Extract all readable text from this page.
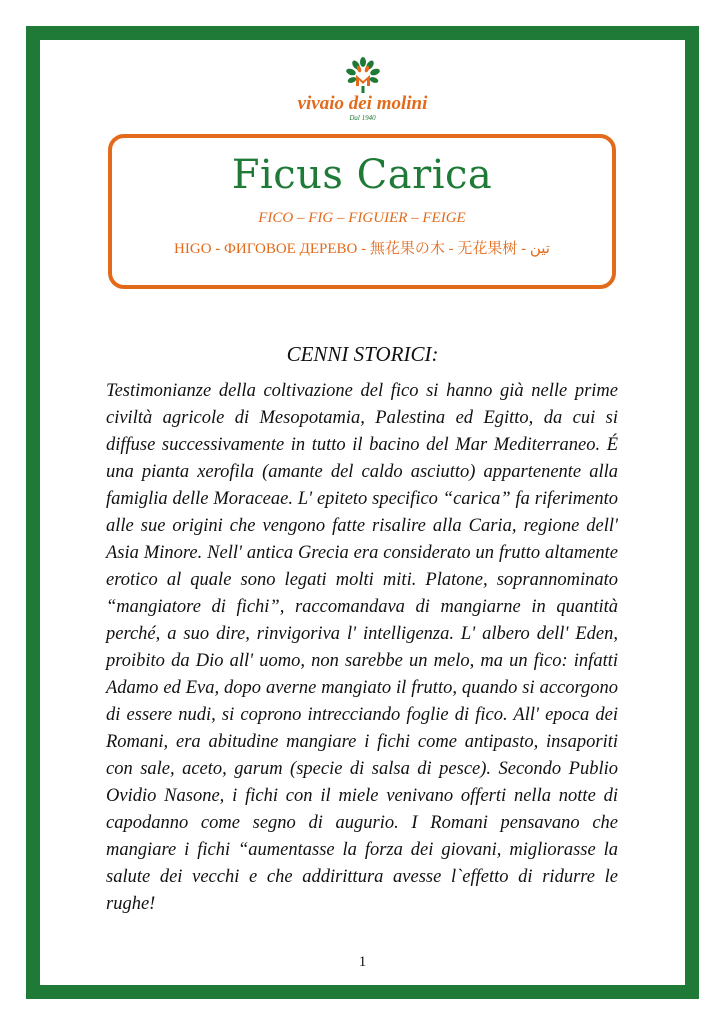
vivaio dei molini
Dal 1940
Ficus Carica
FICO – FIG – FIGUIER – FEIGE
HIGO - ФИГОВОЕ ДЕРЕВО - 無花果の木 - 无花果树 - تين
CENNI STORICI:

Testimonianze della coltivazione del fico si hanno già nelle prime civiltà agricole di Mesopotamia, Palestina ed Egitto, da cui si diffuse successivamente in tutto il bacino del Mar Mediterraneo. É una pianta xerofila (amante del caldo asciutto) appartenente alla famiglia delle Moraceae. L' epiteto specifico “carica” fa riferimento alle sue origini che vengono fatte risalire alla Caria, regione dell' Asia Minore. Nell' antica Grecia era considerato un frutto altamente erotico al quale sono legati molti miti. Platone, soprannominato “mangiatore di fichi”, raccomandava di mangiarne in quantità perché, a suo dire, rinvigoriva l' intelligenza. L' albero dell' Eden, proibito da Dio all' uomo, non sarebbe un melo, ma un fico: infatti Adamo ed Eva, dopo averne mangiato il frutto, quando si accorgono di essere nudi, si coprono intrecciando foglie di fico. All' epoca dei Romani, era abitudine mangiare i fichi come antipasto, insaporiti con sale, aceto, garum (specie di salsa di pesce). Secondo Publio Ovidio Nasone, i fichi con il miele venivano offerti nella notte di capodanno come segno di augurio. I Romani pensavano che mangiare i fichi “aumentasse la forza dei giovani, migliorasse la salute dei vecchi e che addirittura avesse l`effetto di ridurre le rughe!

1
